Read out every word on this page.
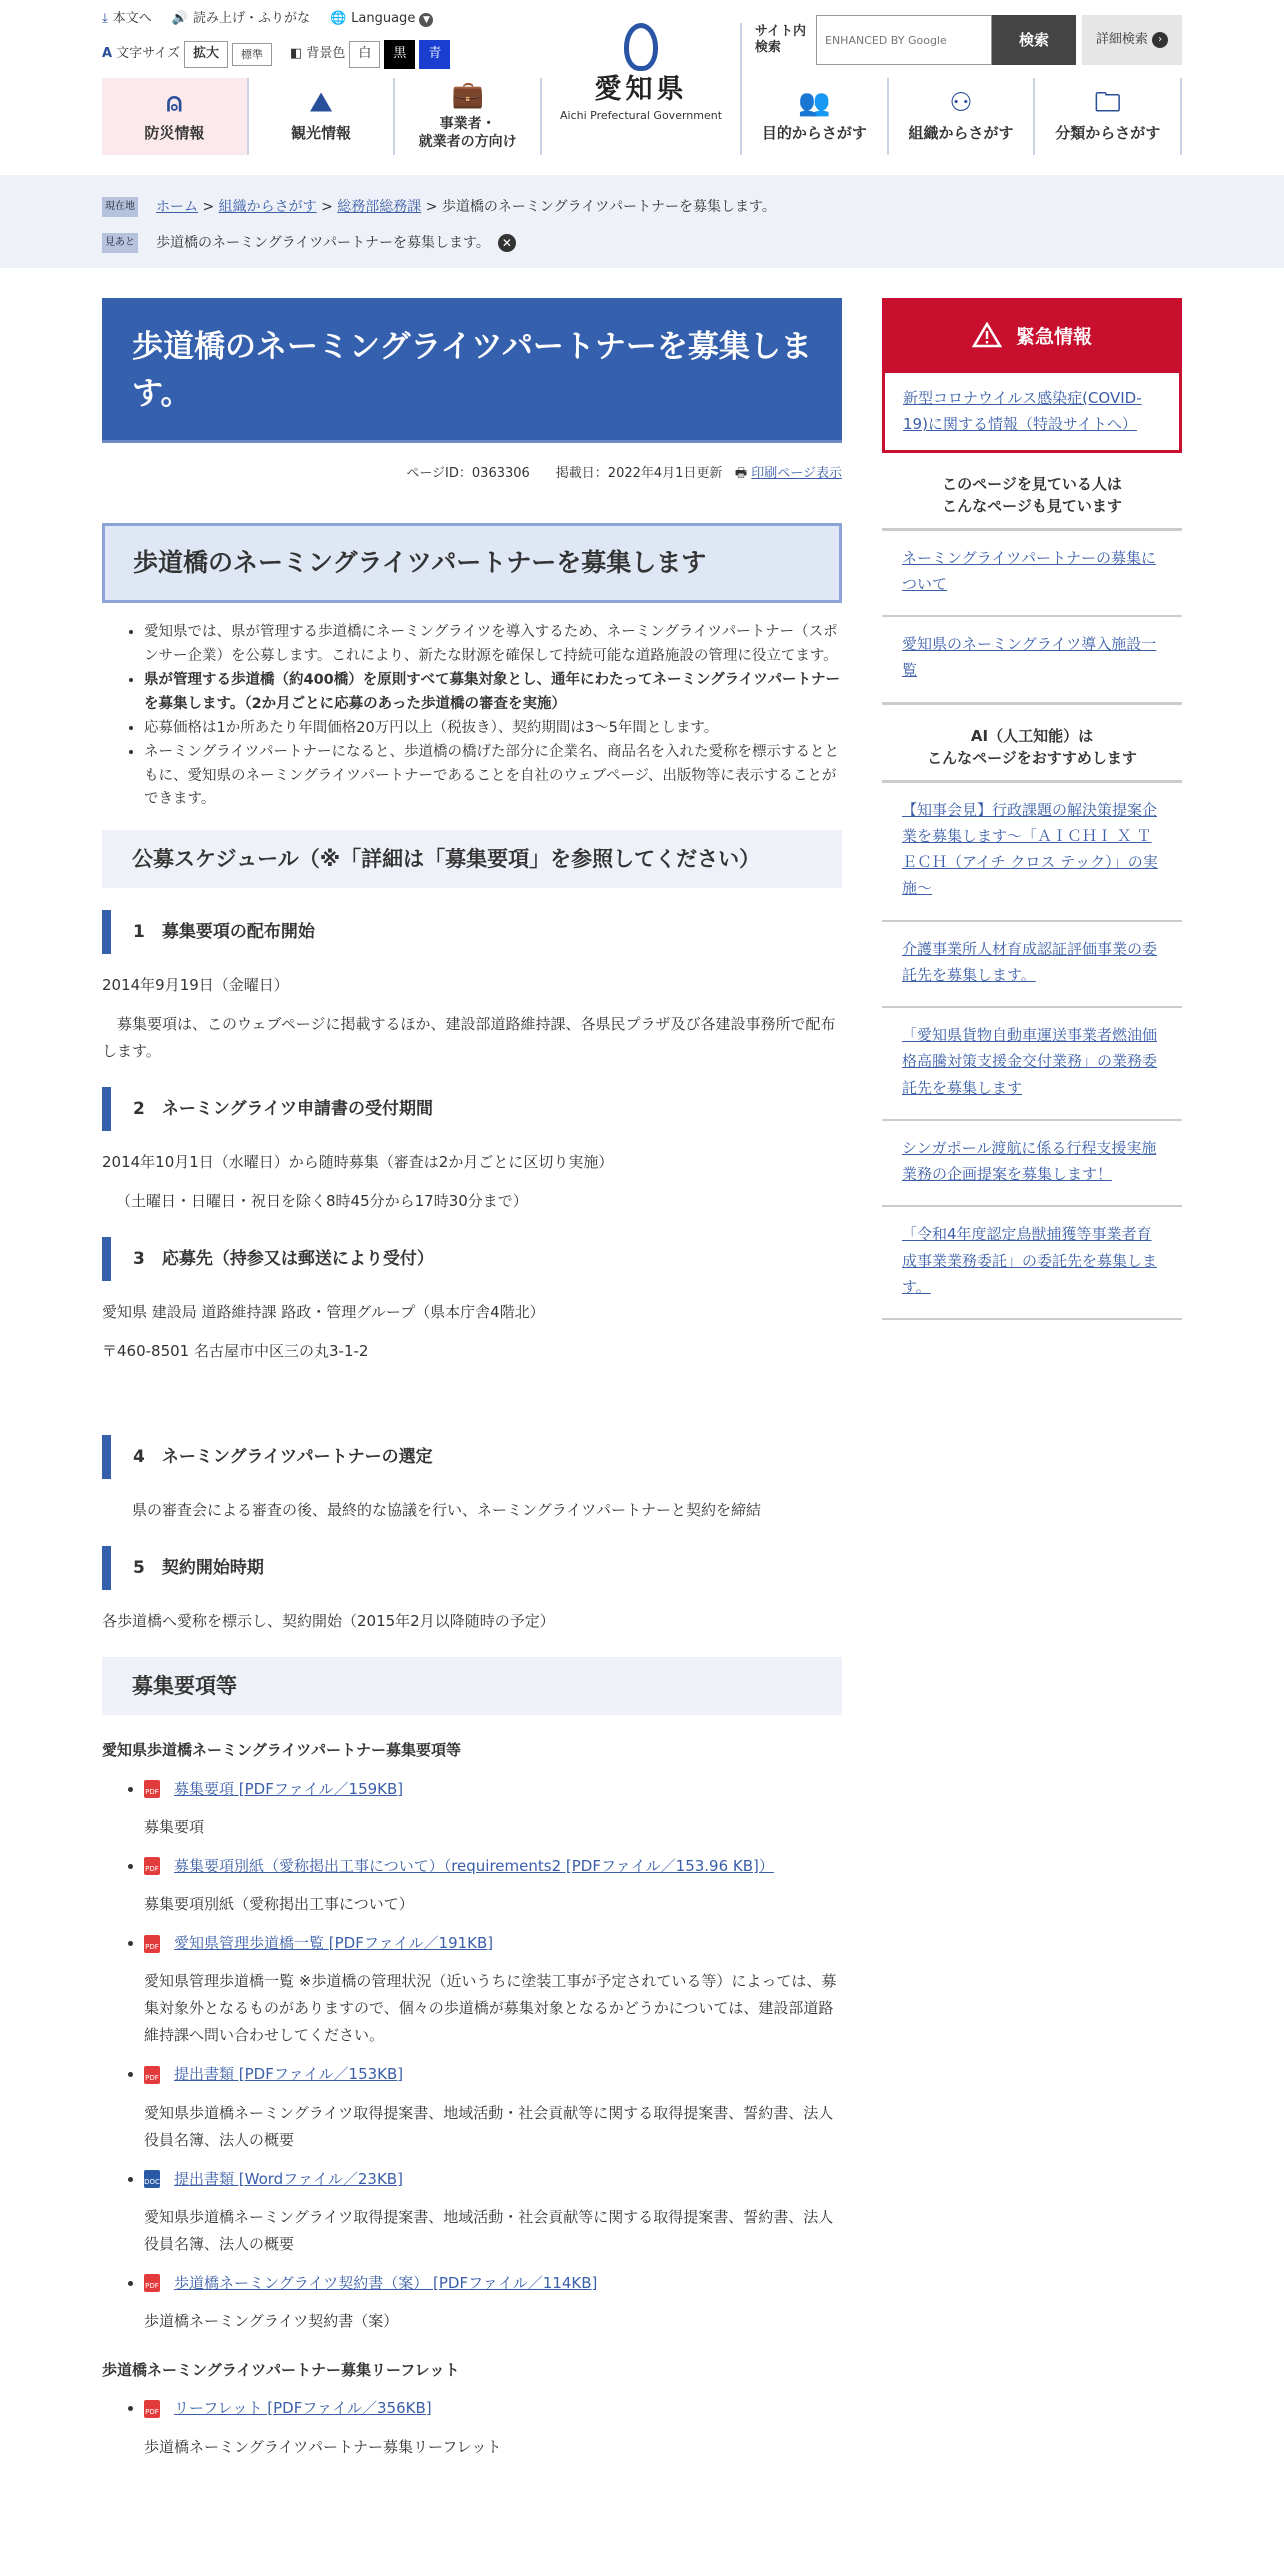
⤓ 本文へ 🔊 読み上げ・ふりがな 🌐 Language ▼
A 文字サイズ	拡大	標準	◧ 背景色	白	黒	青
サイト内
検索
ENHANCED BY Google	検索	詳細検索
	›
⍝
防災情報
⛰
観光情報
💼
事業者・
就業者の方向け
愛知県
Aichi Prefectural Government	👥
目的からさがす
⚇
組織からさがす
🗀
分類からさがす
現在地 ホーム > 組織からさがす > 総務部総務課 > 歩道橋のネーミングライツパートナーを募集します。
見あと 歩道橋のネーミングライツパートナーを募集します。 ✕
歩道橋のネーミングライツパートナーを募集します。
ページID：0363306　　掲載日：2022年4月1日更新 🖶 印刷ページ表示
歩道橋のネーミングライツパートナーを募集します
• 愛知県では、県が管理する歩道橋にネーミングライツを導入するため、ネーミングライツパートナー（スポンサー企業）を公募します。これにより、新たな財源を確保して持続可能な道路施設の管理に役立てます。
• 県が管理する歩道橋（約400橋）を原則すべて募集対象とし、通年にわたってネーミングライツパートナーを募集します。（2か月ごとに応募のあった歩道橋の審査を実施）
• 応募価格は1か所あたり年間価格20万円以上（税抜き）、契約期間は3～5年間とします。
• ネーミングライツパートナーになると、歩道橋の橋げた部分に企業名、商品名を入れた愛称を標示するとともに、愛知県のネーミングライツパートナーであることを自社のウェブページ、出版物等に表示することができます。
公募スケジュール（※「詳細は「募集要項」を参照してください）
1　募集要項の配布開始

2014年9月19日（金曜日）

募集要項は、このウェブページに掲載するほか、建設部道路維持課、各県民プラザ及び各建設事務所で配布します。

2　ネーミングライツ申請書の受付期間

2014年10月1日（水曜日）から随時募集（審査は2か月ごとに区切り実施）

（土曜日・日曜日・祝日を除く8時45分から17時30分まで）

3　応募先（持参又は郵送により受付）

愛知県 建設局 道路維持課 路政・管理グループ（県本庁舎4階北）

〒460-8501 名古屋市中区三の丸3-1-2

4　ネーミングライツパートナーの選定

県の審査会による審査の後、最終的な協議を行い、ネーミングライツパートナーと契約を締結

5　契約開始時期

各歩道橋へ愛称を標示し、契約開始（2015年2月以降随時の予定）

募集要項等
愛知県歩道橋ネーミングライツパートナー募集要項等
• PDF 募集要項 [PDFファイル／159KB]
募集要項
• PDF 募集要項別紙（愛称掲出工事について）（requirements2 [PDFファイル／153.96 KB]）
募集要項別紙（愛称掲出工事について）
• PDF 愛知県管理歩道橋一覧 [PDFファイル／191KB]
愛知県管理歩道橋一覧 ※歩道橋の管理状況（近いうちに塗装工事が予定されている等）によっては、募集対象外となるものがありますので、個々の歩道橋が募集対象となるかどうかについては、建設部道路維持課へ問い合わせしてください。
• PDF 提出書類 [PDFファイル／153KB]
愛知県歩道橋ネーミングライツ取得提案書、地域活動・社会貢献等に関する取得提案書、誓約書、法人役員名簿、法人の概要
• DOC 提出書類 [Wordファイル／23KB]
愛知県歩道橋ネーミングライツ取得提案書、地域活動・社会貢献等に関する取得提案書、誓約書、法人役員名簿、法人の概要
• PDF 歩道橋ネーミングライツ契約書（案） [PDFファイル／114KB]
歩道橋ネーミングライツ契約書（案）
歩道橋ネーミングライツパートナー募集リーフレット
• PDF リーフレット [PDFファイル／356KB]
歩道橋ネーミングライツパートナー募集リーフレット
緊急情報
新型コロナウイルス感染症(COVID-19)に関する情報（特設サイトへ）
このページを見ている人は
こんなページも見ています
ネーミングライツパートナーの募集について
愛知県のネーミングライツ導入施設一覧
AI（人工知能）は
こんなページをおすすめします
【知事会見】行政課題の解決策提案企業を募集します～「ＡＩＣＨＩ Ｘ ＴＥＣＨ（アイチ クロス テック）」の実施～
介護事業所人材育成認証評価事業の委託先を募集します。
「愛知県貨物自動車運送事業者燃油価格高騰対策支援金交付業務」の業務委託先を募集します
シンガポール渡航に係る行程支援実施業務の企画提案を募集します！
「令和4年度認定鳥獣捕獲等事業者育成事業業務委託」の委託先を募集します。
